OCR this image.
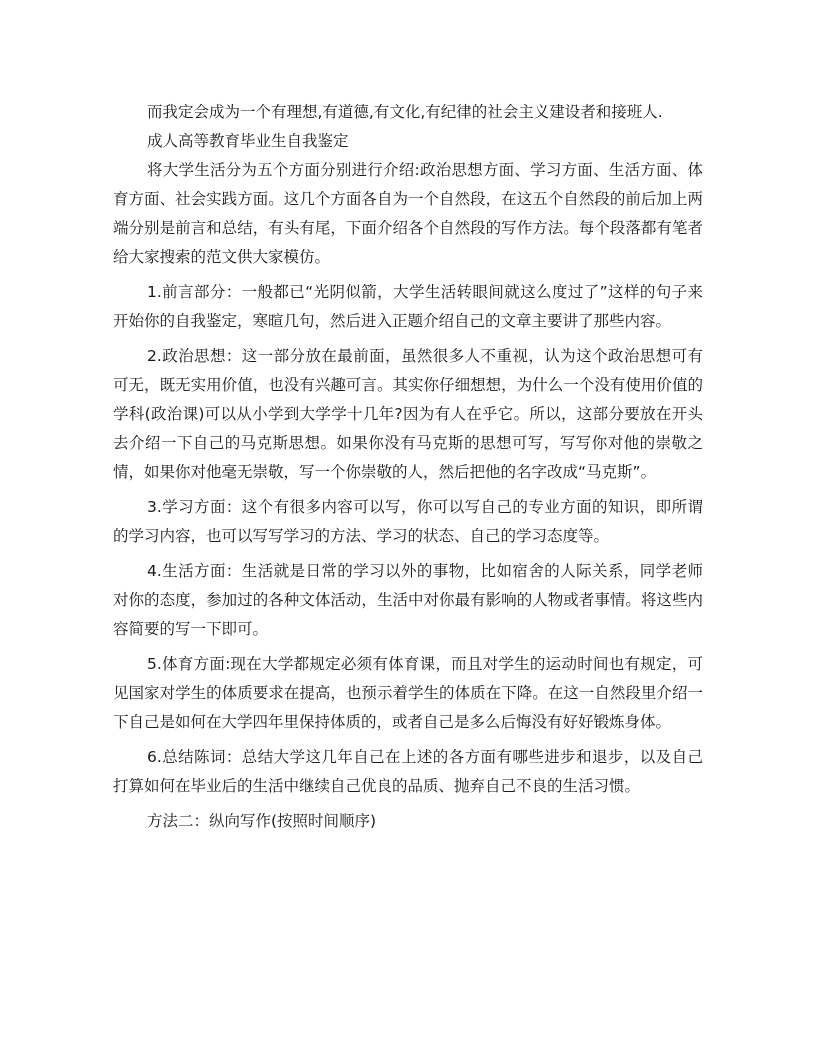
而我定会成为一个有理想,有道德,有文化,有纪律的社会主义建设者和接班人.

成人高等教育毕业生自我鉴定

将大学生活分为五个方面分别进行介绍:政治思想方面、学习方面、生活方面、体育方面、社会实践方面。这几个方面各自为一个自然段，在这五个自然段的前后加上两端分别是前言和总结，有头有尾，下面介绍各个自然段的写作方法。每个段落都有笔者给大家搜索的范文供大家模仿。

1.前言部分：一般都已“光阴似箭，大学生活转眼间就这么度过了”这样的句子来开始你的自我鉴定，寒暄几句，然后进入正题介绍自己的文章主要讲了那些内容。

2.政治思想：这一部分放在最前面，虽然很多人不重视，认为这个政治思想可有可无，既无实用价值，也没有兴趣可言。其实你仔细想想，为什么一个没有使用价值的学科(政治课)可以从小学到大学学十几年?因为有人在乎它。所以，这部分要放在开头去介绍一下自己的马克斯思想。如果你没有马克斯的思想可写，写写你对他的崇敬之情，如果你对他毫无崇敬，写一个你崇敬的人，然后把他的名字改成“马克斯”。

3.学习方面：这个有很多内容可以写，你可以写自己的专业方面的知识，即所谓的学习内容，也可以写写学习的方法、学习的状态、自己的学习态度等。

4.生活方面：生活就是日常的学习以外的事物，比如宿舍的人际关系，同学老师对你的态度，参加过的各种文体活动，生活中对你最有影响的人物或者事情。将这些内容简要的写一下即可。

5.体育方面:现在大学都规定必须有体育课，而且对学生的运动时间也有规定，可见国家对学生的体质要求在提高，也预示着学生的体质在下降。在这一自然段里介绍一下自己是如何在大学四年里保持体质的，或者自己是多么后悔没有好好锻炼身体。

6.总结陈词：总结大学这几年自己在上述的各方面有哪些进步和退步，以及自己打算如何在毕业后的生活中继续自己优良的品质、抛弃自己不良的生活习惯。

方法二：纵向写作(按照时间顺序)
